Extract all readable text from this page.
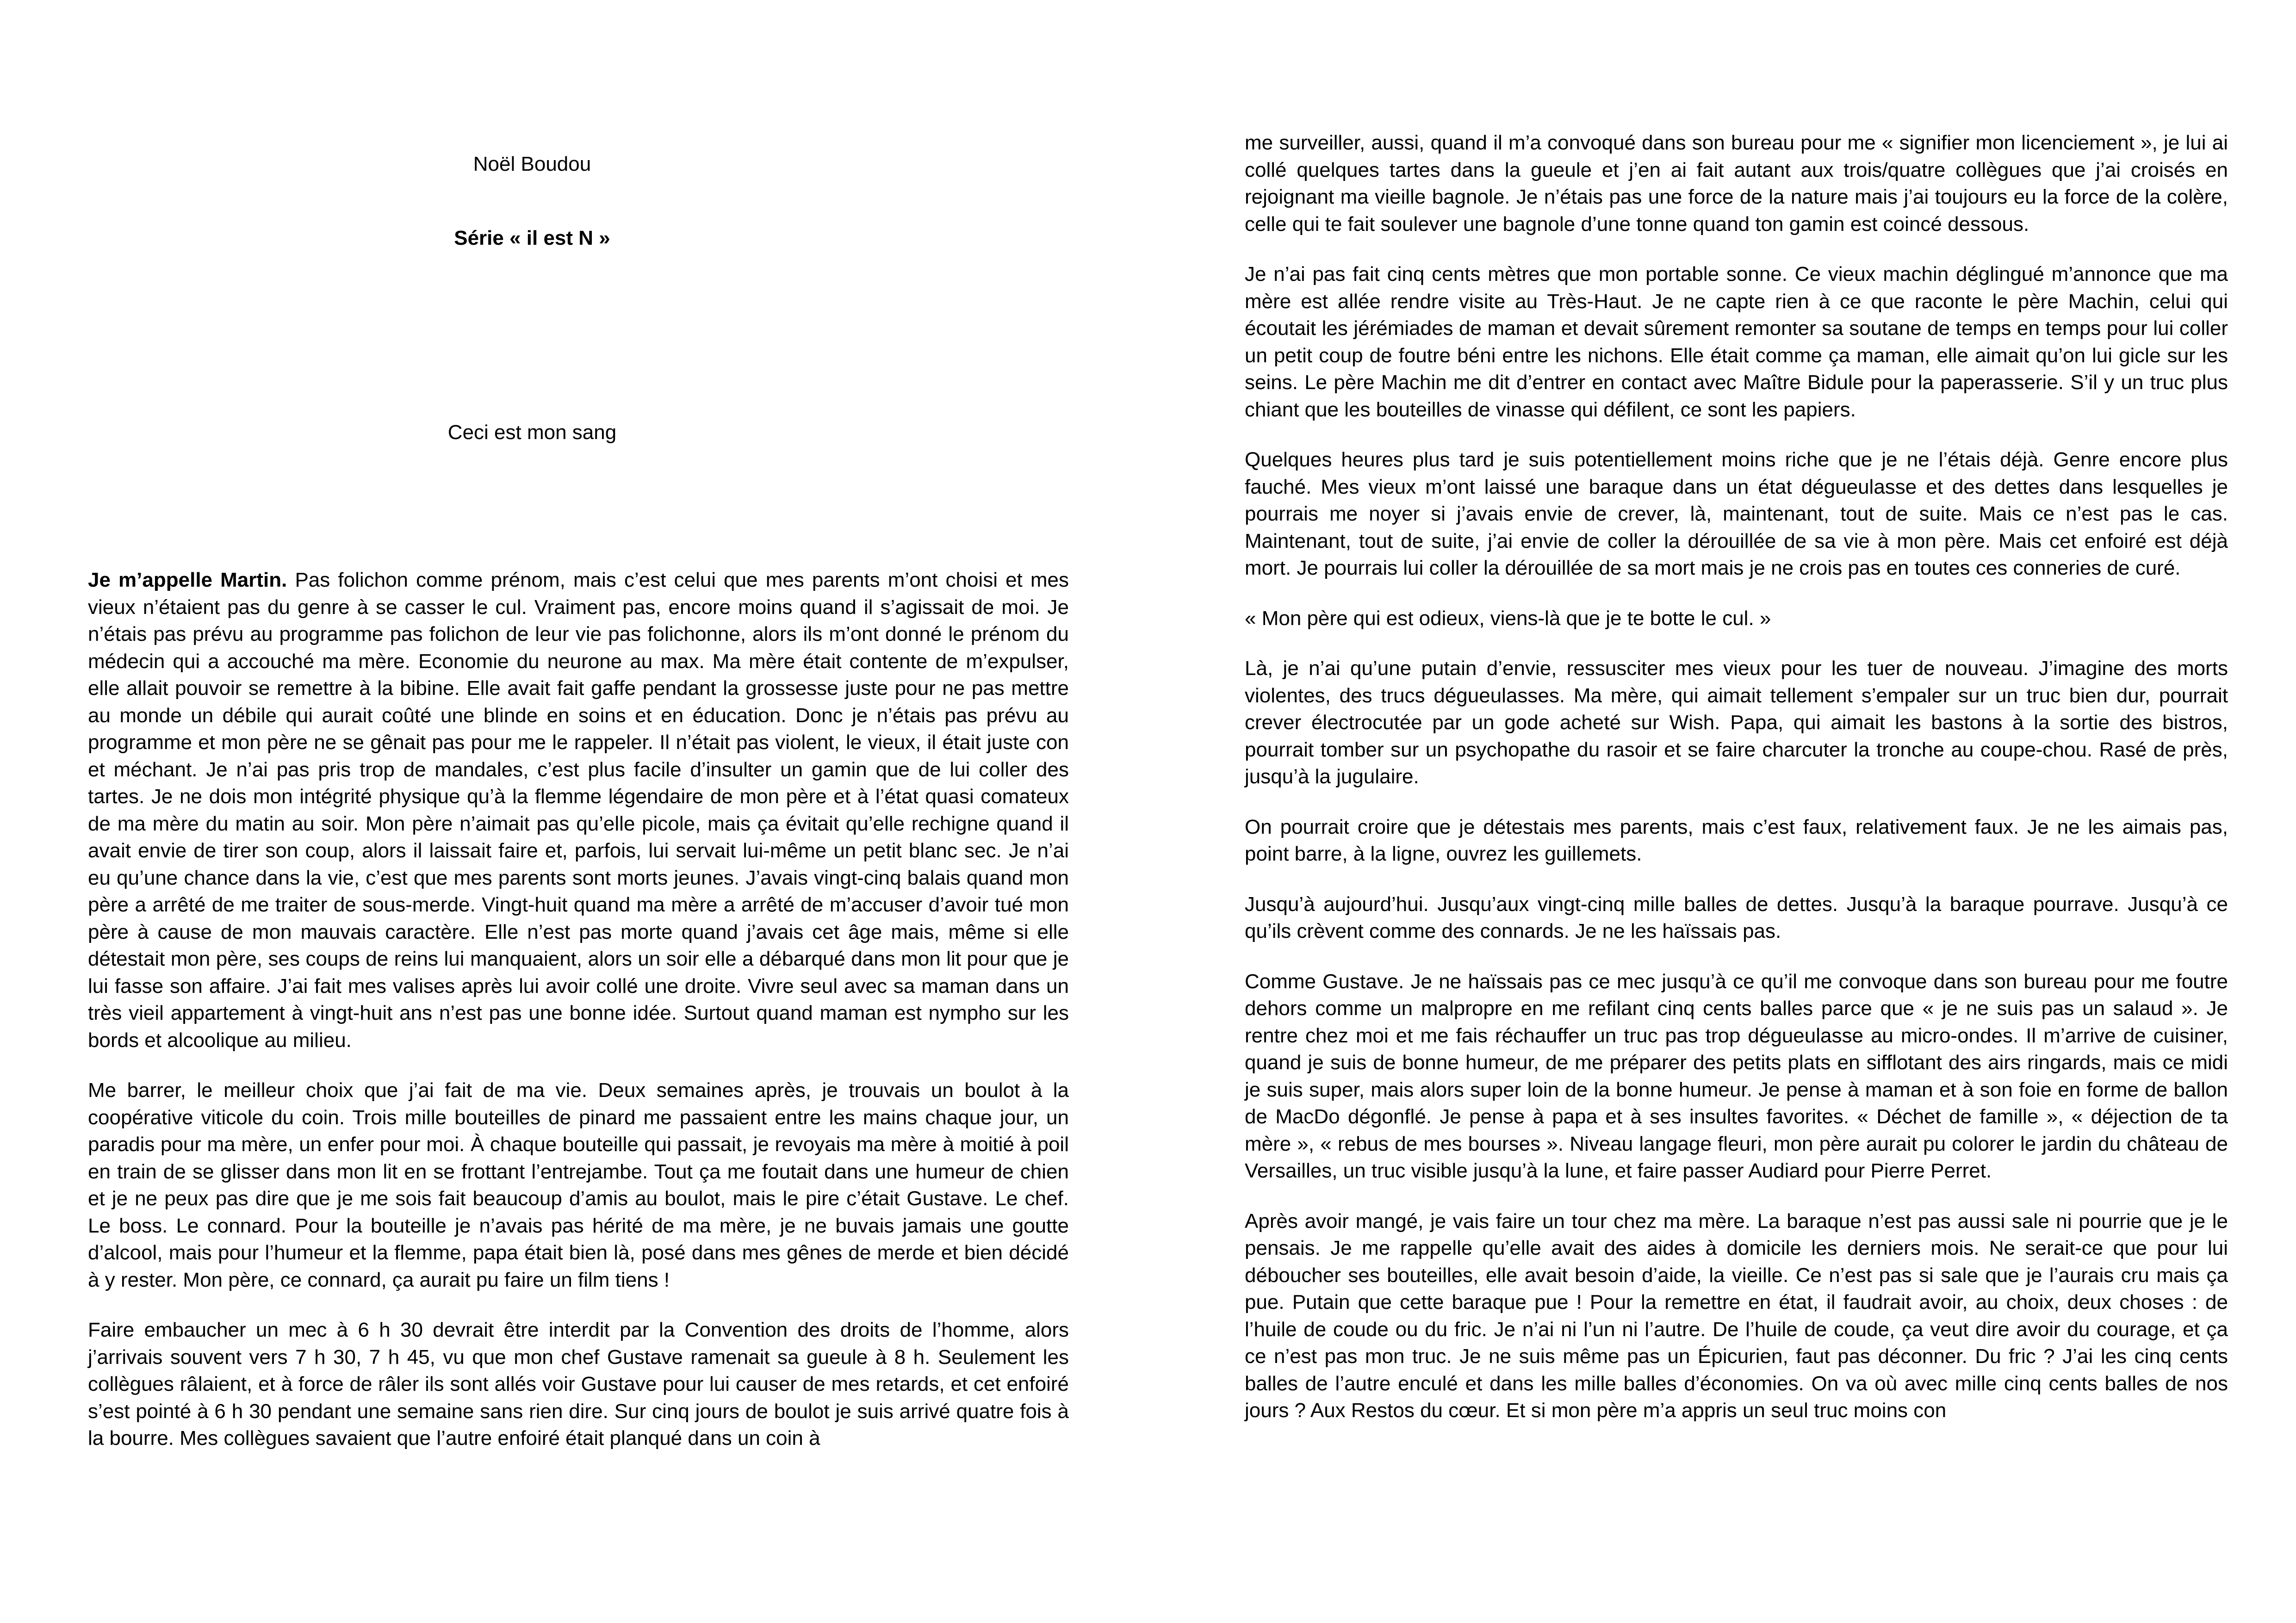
Noël Boudou
Série « il est N »
Ceci est mon sang

Je m’appelle Martin. Pas folichon comme prénom, mais c’est celui que mes parents m’ont choisi et mes vieux n’étaient pas du genre à se casser le cul. Vraiment pas, encore moins quand il s’agissait de moi. Je n’étais pas prévu au programme pas folichon de leur vie pas folichonne, alors ils m’ont donné le prénom du médecin qui a accouché ma mère. Economie du neurone au max. Ma mère était contente de m’expulser, elle allait pouvoir se remettre à la bibine. Elle avait fait gaffe pendant la grossesse juste pour ne pas mettre au monde un débile qui aurait coûté une blinde en soins et en éducation. Donc je n’étais pas prévu au programme et mon père ne se gênait pas pour me le rappeler. Il n’était pas violent, le vieux, il était juste con et méchant. Je n’ai pas pris trop de mandales, c’est plus facile d’insulter un gamin que de lui coller des tartes. Je ne dois mon intégrité physique qu’à la flemme légendaire de mon père et à l’état quasi comateux de ma mère du matin au soir. Mon père n’aimait pas qu’elle picole, mais ça évitait qu’elle rechigne quand il avait envie de tirer son coup, alors il laissait faire et, parfois, lui servait lui-même un petit blanc sec. Je n’ai eu qu’une chance dans la vie, c’est que mes parents sont morts jeunes. J’avais vingt-cinq balais quand mon père a arrêté de me traiter de sous-merde. Vingt-huit quand ma mère a arrêté de m’accuser d’avoir tué mon père à cause de mon mauvais caractère. Elle n’est pas morte quand j’avais cet âge mais, même si elle détestait mon père, ses coups de reins lui manquaient, alors un soir elle a débarqué dans mon lit pour que je lui fasse son affaire. J’ai fait mes valises après lui avoir collé une droite. Vivre seul avec sa maman dans un très vieil appartement à vingt-huit ans n’est pas une bonne idée. Surtout quand maman est nympho sur les bords et alcoolique au milieu.

Me barrer, le meilleur choix que j’ai fait de ma vie. Deux semaines après, je trouvais un boulot à la coopérative viticole du coin. Trois mille bouteilles de pinard me passaient entre les mains chaque jour, un paradis pour ma mère, un enfer pour moi. À chaque bouteille qui passait, je revoyais ma mère à moitié à poil en train de se glisser dans mon lit en se frottant l’entrejambe. Tout ça me foutait dans une humeur de chien et je ne peux pas dire que je me sois fait beaucoup d’amis au boulot, mais le pire c’était Gustave. Le chef. Le boss. Le connard. Pour la bouteille je n’avais pas hérité de ma mère, je ne buvais jamais une goutte d’alcool, mais pour l’humeur et la flemme, papa était bien là, posé dans mes gênes de merde et bien décidé à y rester. Mon père, ce connard, ça aurait pu faire un film tiens !

Faire embaucher un mec à 6 h 30 devrait être interdit par la Convention des droits de l’homme, alors j’arrivais souvent vers 7 h 30, 7 h 45, vu que mon chef Gustave ramenait sa gueule à 8 h. Seulement les collègues râlaient, et à force de râler ils sont allés voir Gustave pour lui causer de mes retards, et cet enfoiré s’est pointé à 6 h 30 pendant une semaine sans rien dire. Sur cinq jours de boulot je suis arrivé quatre fois à la bourre. Mes collègues savaient que l’autre enfoiré était planqué dans un coin à

me surveiller, aussi, quand il m’a convoqué dans son bureau pour me « signifier mon licenciement », je lui ai collé quelques tartes dans la gueule et j’en ai fait autant aux trois/quatre collègues que j’ai croisés en rejoignant ma vieille bagnole. Je n’étais pas une force de la nature mais j’ai toujours eu la force de la colère, celle qui te fait soulever une bagnole d’une tonne quand ton gamin est coincé dessous.

Je n’ai pas fait cinq cents mètres que mon portable sonne. Ce vieux machin déglingué m’annonce que ma mère est allée rendre visite au Très-Haut. Je ne capte rien à ce que raconte le père Machin, celui qui écoutait les jérémiades de maman et devait sûrement remonter sa soutane de temps en temps pour lui coller un petit coup de foutre béni entre les nichons. Elle était comme ça maman, elle aimait qu’on lui gicle sur les seins. Le père Machin me dit d’entrer en contact avec Maître Bidule pour la paperasserie. S’il y un truc plus chiant que les bouteilles de vinasse qui défilent, ce sont les papiers.

Quelques heures plus tard je suis potentiellement moins riche que je ne l’étais déjà. Genre encore plus fauché. Mes vieux m’ont laissé une baraque dans un état dégueulasse et des dettes dans lesquelles je pourrais me noyer si j’avais envie de crever, là, maintenant, tout de suite. Mais ce n’est pas le cas. Maintenant, tout de suite, j’ai envie de coller la dérouillée de sa vie à mon père. Mais cet enfoiré est déjà mort. Je pourrais lui coller la dérouillée de sa mort mais je ne crois pas en toutes ces conneries de curé.

« Mon père qui est odieux, viens-là que je te botte le cul. »

Là, je n’ai qu’une putain d’envie, ressusciter mes vieux pour les tuer de nouveau. J’imagine des morts violentes, des trucs dégueulasses. Ma mère, qui aimait tellement s’empaler sur un truc bien dur, pourrait crever électrocutée par un gode acheté sur Wish. Papa, qui aimait les bastons à la sortie des bistros, pourrait tomber sur un psychopathe du rasoir et se faire charcuter la tronche au coupe-chou. Rasé de près, jusqu’à la jugulaire.

On pourrait croire que je détestais mes parents, mais c’est faux, relativement faux. Je ne les aimais pas, point barre, à la ligne, ouvrez les guillemets.

Jusqu’à aujourd’hui. Jusqu’aux vingt-cinq mille balles de dettes. Jusqu’à la baraque pourrave. Jusqu’à ce qu’ils crèvent comme des connards. Je ne les haïssais pas.

Comme Gustave. Je ne haïssais pas ce mec jusqu’à ce qu’il me convoque dans son bureau pour me foutre dehors comme un malpropre en me refilant cinq cents balles parce que « je ne suis pas un salaud ». Je rentre chez moi et me fais réchauffer un truc pas trop dégueulasse au micro-ondes. Il m’arrive de cuisiner, quand je suis de bonne humeur, de me préparer des petits plats en sifflotant des airs ringards, mais ce midi je suis super, mais alors super loin de la bonne humeur. Je pense à maman et à son foie en forme de ballon de MacDo dégonflé. Je pense à papa et à ses insultes favorites. « Déchet de famille », « déjection de ta mère », « rebus de mes bourses ». Niveau langage fleuri, mon père aurait pu colorer le jardin du château de Versailles, un truc visible jusqu’à la lune, et faire passer Audiard pour Pierre Perret.

Après avoir mangé, je vais faire un tour chez ma mère. La baraque n’est pas aussi sale ni pourrie que je le pensais. Je me rappelle qu’elle avait des aides à domicile les derniers mois. Ne serait-ce que pour lui déboucher ses bouteilles, elle avait besoin d’aide, la vieille. Ce n’est pas si sale que je l’aurais cru mais ça pue. Putain que cette baraque pue ! Pour la remettre en état, il faudrait avoir, au choix, deux choses : de l’huile de coude ou du fric. Je n’ai ni l’un ni l’autre. De l’huile de coude, ça veut dire avoir du courage, et ça ce n’est pas mon truc. Je ne suis même pas un Épicurien, faut pas déconner. Du fric ? J’ai les cinq cents balles de l’autre enculé et dans les mille balles d’économies. On va où avec mille cinq cents balles de nos jours ? Aux Restos du cœur. Et si mon père m’a appris un seul truc moins con
